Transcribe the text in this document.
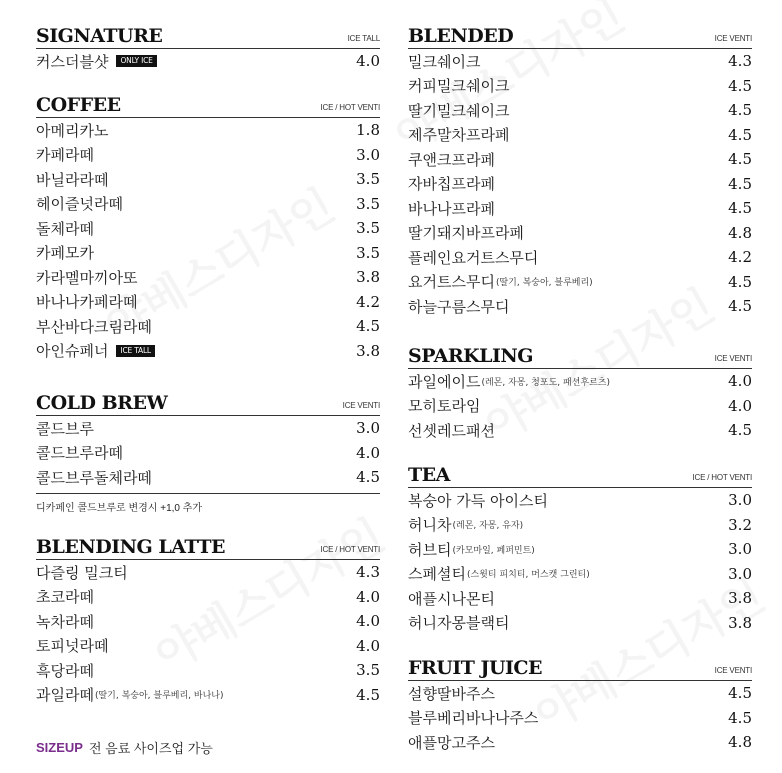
SIGNATURE	ICE TALL
커스더블샷	ONLY ICE	4.0
COFFEE	ICE / HOT VENTI
아메리카노	1.8
카페라떼	3.0
바닐라라떼	3.5
헤이즐넛라떼	3.5
돌체라떼	3.5
카페모카	3.5
카라멜마끼아또	3.8
바나나카페라떼	4.2
부산바다크림라떼	4.5
아인슈페너	ICE TALL	3.8
COLD BREW	ICE VENTI
콜드브루	3.0
콜드브루라떼	4.0
콜드브루돌체라떼	4.5
디카페인 콜드브루로 변경시 +1,0 추가
BLENDING LATTE	ICE / HOT VENTI
다즐링 밀크티	4.3
초코라떼	4.0
녹차라떼	4.0
토피넛라떼	4.0
흑당라떼	3.5
과일라떼 (딸기, 복숭아, 블루베리, 바나나)	4.5
SIZEUP 전 음료 사이즈업 가능
BLENDED	ICE VENTI
밀크쉐이크	4.3
커피밀크쉐이크	4.5
딸기밀크쉐이크	4.5
제주말차프라페	4.5
쿠앤크프라페	4.5
자바칩프라페	4.5
바나나프라페	4.5
딸기돼지바프라페	4.8
플레인요거트스무디	4.2
요거트스무디 (딸기, 복숭아, 블루베리)	4.5
하늘구름스무디	4.5
SPARKLING	ICE VENTI
과일에이드 (레몬, 자몽, 청포도, 패션후르츠)	4.0
모히토라임	4.0
선셋레드패션	4.5
TEA	ICE / HOT VENTI
복숭아 가득 아이스티	3.0
허니차 (레몬, 자몽, 유자)	3.2
허브티 (카모마일, 페퍼민트)	3.0
스페셜티 (스윗티 피치티, 머스캣 그린티)	3.0
애플시나몬티	3.8
허니자몽블랙티	3.8
FRUIT JUICE	ICE VENTI
설향딸바주스	4.5
블루베리바나나주스	4.5
애플망고주스	4.8
